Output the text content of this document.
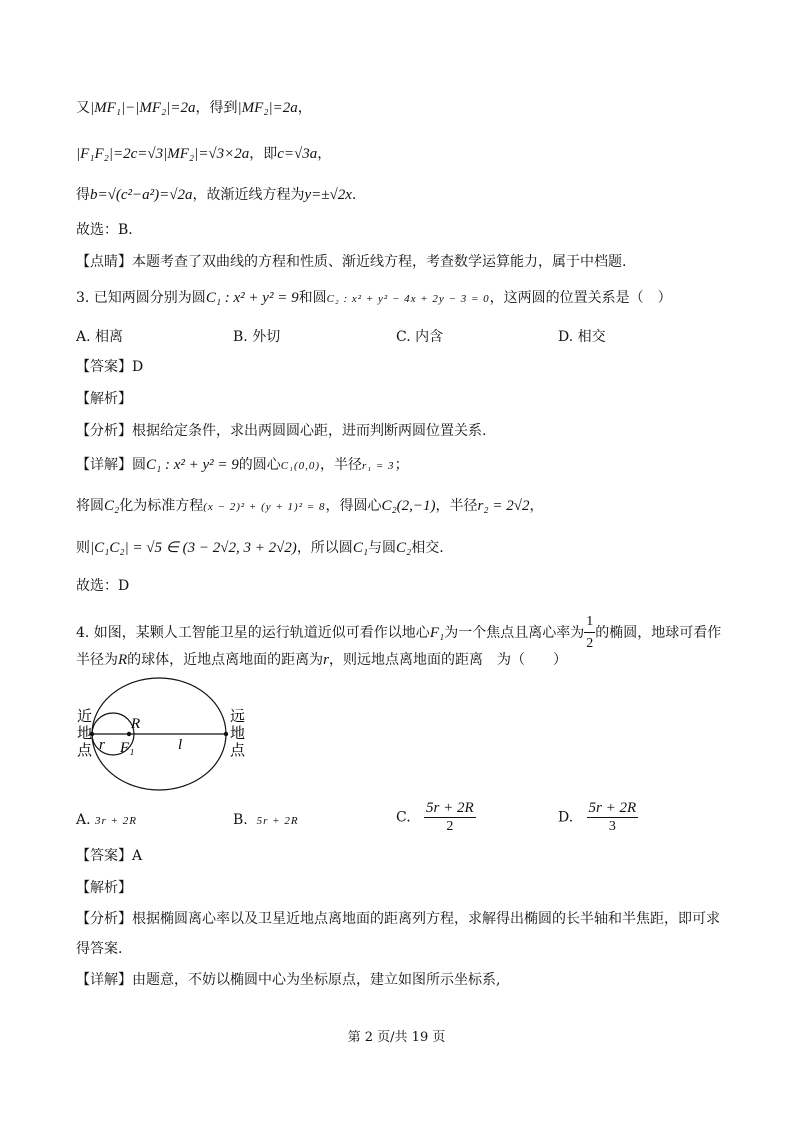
又|MF₁|−|MF₂|=2a，得到|MF₂|=2a，
|F₁F₂|=2c=√3|MF₂|=√3×2a，即c=√3a，
得b=√(c²−a²)=√2a，故渐近线方程为y=±√2x.
故选：B.
【点睛】本题考查了双曲线的方程和性质、渐近线方程，考查数学运算能力，属于中档题.
3. 已知两圆分别为圆C₁ : x² + y² = 9和圆C₂ : x² + y² − 4x + 2y − 3 = 0，这两圆的位置关系是（　）
A. 相离	B. 外切	C. 内含	D. 相交
【答案】D
【解析】
【分析】根据给定条件，求出两圆圆心距，进而判断两圆位置关系.
【详解】圆C₁ : x² + y² = 9的圆心C₁(0,0)，半径r₁ = 3；
将圆C₂化为标准方程(x − 2)² + (y + 1)² = 8，得圆心C₂(2,−1)，半径r₂ = 2√2，
则|C₁C₂| = √5 ∈ (3 − 2√2, 3 + 2√2)，所以圆C₁与圆C₂相交.
故选：D
4. 如图，某颗人工智能卫星的运行轨道近似可看作以地心F₁为一个焦点且离心率为 $\frac{1}{2}$ 的椭圆，地球可看作
半径为R的球体，近地点离地面的距离为r，则远地点离地面的距离　为（　　）
近
地
点
远
地
点
R
r F₁	l
A. 3r + 2R	B. 5r + 2R	C. $\frac{5r + 2R}{2}$	D. $\frac{5r + 2R}{3}$
【答案】A
【解析】
【分析】根据椭圆离心率以及卫星近地点离地面的距离列方程，求解得出椭圆的长半轴和半焦距，即可求
得答案.
【详解】由题意，不妨以椭圆中心为坐标原点，建立如图所示坐标系,
第 2 页/共 19 页
